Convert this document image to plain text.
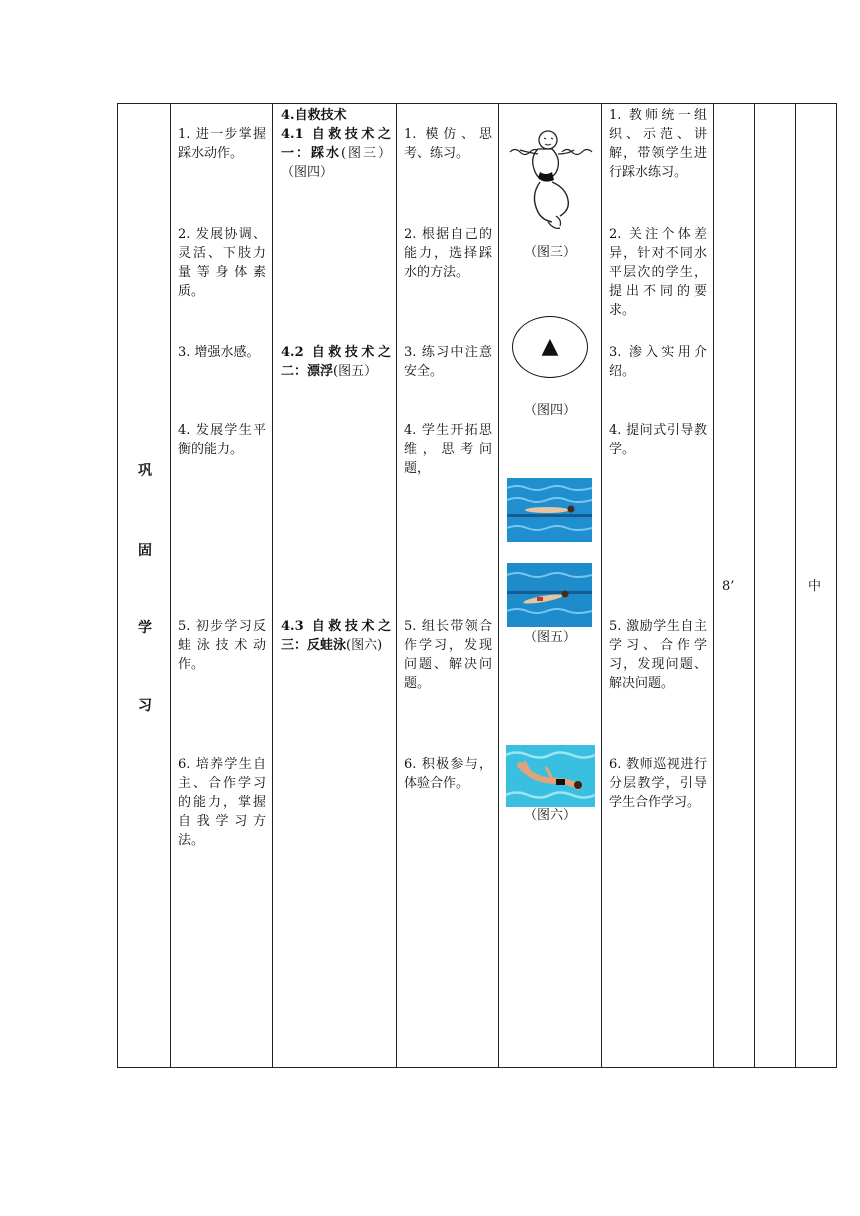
巩
固
学
习
1. 进一步掌握踩水动作。
2. 发展协调、灵活、下肢力量等身体素质。
3. 增强水感。
4. 发展学生平衡的能力。
5. 初步学习反蛙泳技术动作。
6. 培养学生自主、合作学习的能力，掌握自我学习方法。
4.自救技术
4.1 自救技术之一：踩水(图三）（图四）
4.2 自救技术之二：漂浮(图五）
4.3 自救技术之三：反蛙泳(图六)
1. 模仿、思考、练习。
2. 根据自己的能力，选择踩水的方法。
3. 练习中注意安全。
4. 学生开拓思维，思考问题，
5. 组长带领合作学习，发现问题、解决问题。
6. 积极参与，体验合作。
（图三）
▲
（图四）
（图五）
（图六）
1. 教师统一组织、示范、讲解，带领学生进行踩水练习。
2. 关注个体差异，针对不同水平层次的学生，提出不同的要求。
3. 渗入实用介绍。
4. 提问式引导教学。
5. 激励学生自主学习、合作学习，发现问题、解决问题。
6. 教师巡视进行分层教学，引导学生合作学习。
8’	中
